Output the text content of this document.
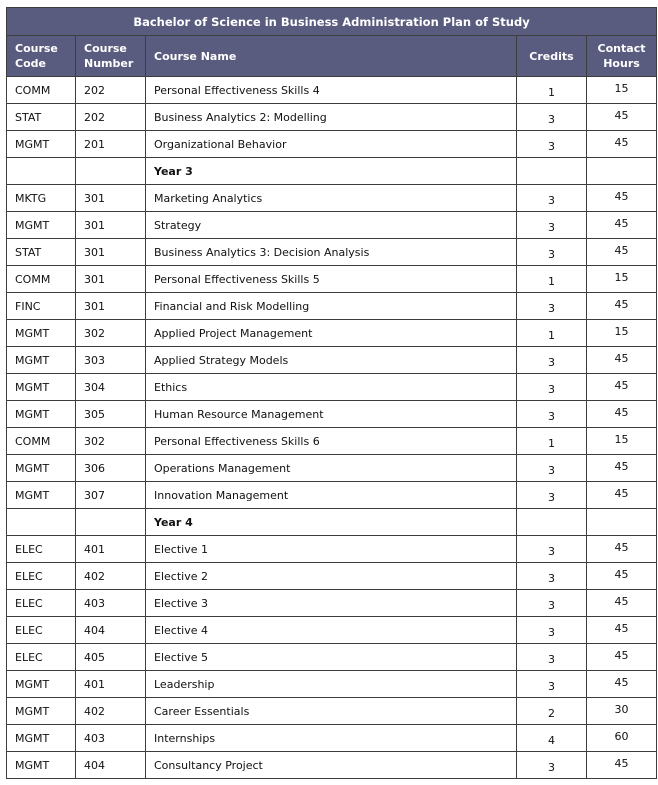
Bachelor of Science in Business Administration Plan of Study				
Course Code	Course Number	Course Name	Credits	Contact Hours
COMM	202	Personal Effectiveness Skills 4	1	15
STAT	202	Business Analytics 2: Modelling	3	45
MGMT	201	Organizational Behavior	3	45
		Year 3		
MKTG	301	Marketing Analytics	3	45
MGMT	301	Strategy	3	45
STAT	301	Business Analytics 3: Decision Analysis	3	45
COMM	301	Personal Effectiveness Skills 5	1	15
FINC	301	Financial and Risk Modelling	3	45
MGMT	302	Applied Project Management	1	15
MGMT	303	Applied Strategy Models	3	45
MGMT	304	Ethics	3	45
MGMT	305	Human Resource Management	3	45
COMM	302	Personal Effectiveness Skills 6	1	15
MGMT	306	Operations Management	3	45
MGMT	307	Innovation Management	3	45
		Year 4		
ELEC	401	Elective 1	3	45
ELEC	402	Elective 2	3	45
ELEC	403	Elective 3	3	45
ELEC	404	Elective 4	3	45
ELEC	405	Elective 5	3	45
MGMT	401	Leadership	3	45
MGMT	402	Career Essentials	2	30
MGMT	403	Internships	4	60
MGMT	404	Consultancy Project	3	45
